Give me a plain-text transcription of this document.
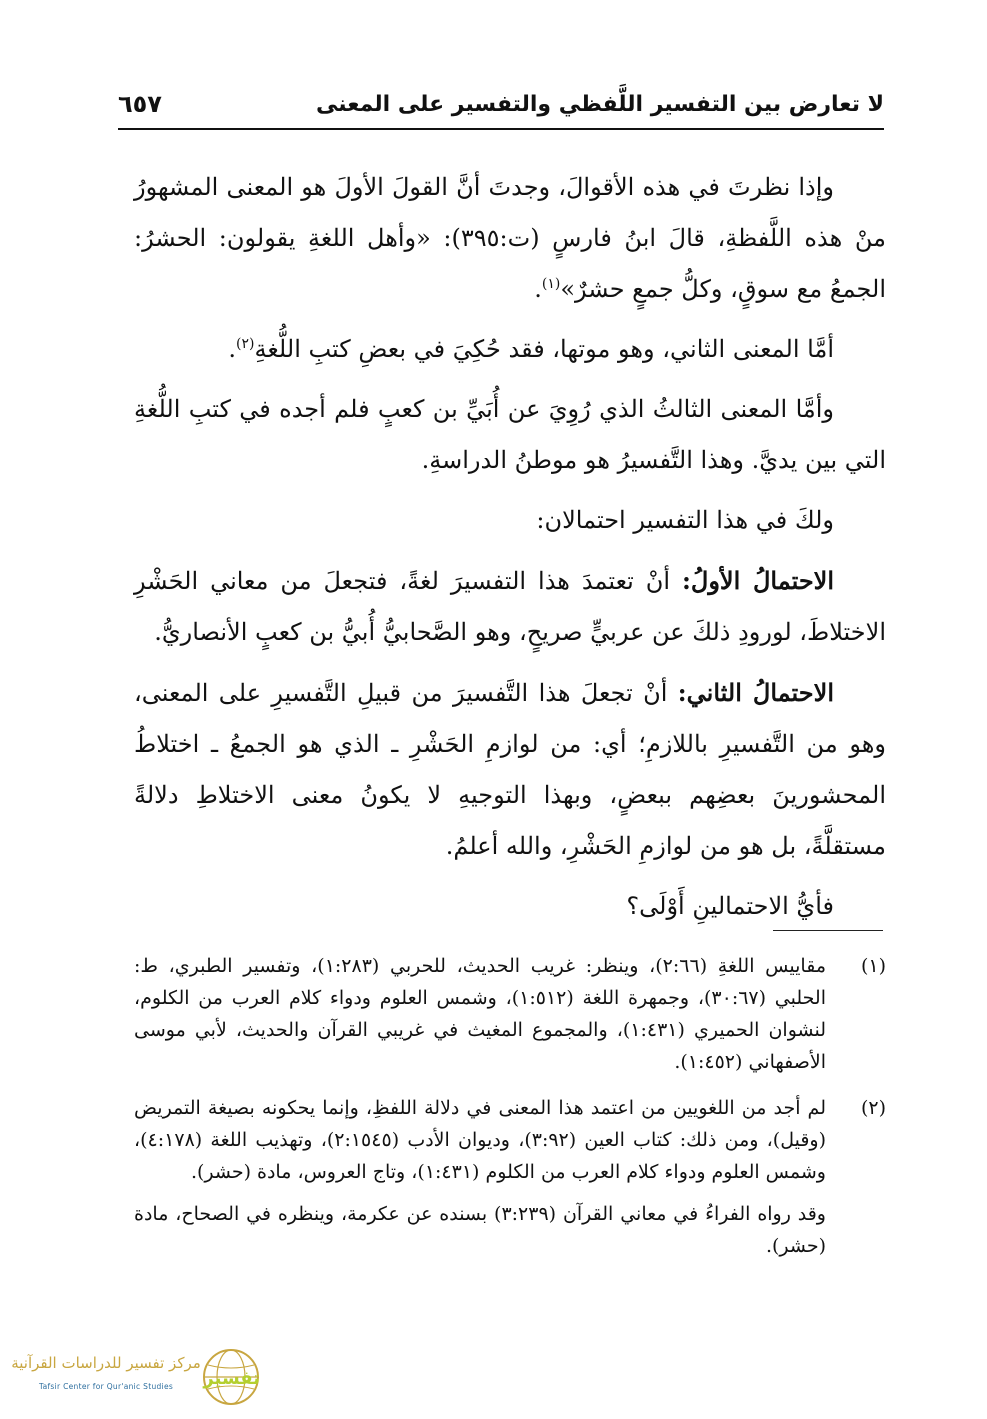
لا تعارض بين التفسير اللَّفظي والتفسير على المعنى
٦٥٧

وإذا نظرتَ في هذه الأقوالَ، وجدتَ أنَّ القولَ الأولَ هو المعنى المشهورُ منْ هذه اللَّفظةِ، قالَ ابنُ فارسٍ (ت:٣٩٥): «وأهل اللغةِ يقولون: الحشرُ: الجمعُ مع سوقٍ، وكلُّ جمعٍ حشرٌ»$^{(١)}$.

أمَّا المعنى الثاني، وهو موتها، فقد حُكِيَ في بعضِ كتبِ اللُّغةِ$^{(٢)}$.

وأمَّا المعنى الثالثُ الذي رُوِيَ عن أُبَيِّ بن كعبٍ فلم أجده في كتبِ اللُّغةِ التي بين يديَّ. وهذا التَّفسيرُ هو موطنُ الدراسةِ.

ولكَ في هذا التفسير احتمالان:

الاحتمالُ الأولُ: أنْ تعتمدَ هذا التفسيرَ لغةً، فتجعلَ من معاني الحَشْرِ الاختلاطَ، لورودِ ذلكَ عن عربيٍّ صريحٍ، وهو الصَّحابيُّ أُبيُّ بن كعبٍ الأنصاريُّ.

الاحتمالُ الثاني: أنْ تجعلَ هذا التَّفسيرَ من قبيلِ التَّفسيرِ على المعنى، وهو من التَّفسيرِ باللازمِ؛ أي: من لوازمِ الحَشْرِ ـ الذي هو الجمعُ ـ اختلاطُ المحشورينَ بعضِهم ببعضٍ، وبهذا التوجيهِ لا يكونُ معنى الاختلاطِ دلالةً مستقلَّةً، بل هو من لوازمِ الحَشْرِ، والله أعلمُ.

فأيُّ الاحتمالينِ أَوْلَى؟

(١)
مقاييس اللغةِ (٢:٦٦)، وينظر: غريب الحديث، للحربي (١:٢٨٣)، وتفسير الطبري، ط: الحلبي (٣٠:٦٧)، وجمهرة اللغة (١:٥١٢)، وشمس العلوم ودواء كلام العرب من الكلوم، لنشوان الحميري (١:٤٣١)، والمجموع المغيث في غريبي القرآن والحديث، لأبي موسى الأصفهاني (١:٤٥٢).
(٢)
لم أجد من اللغويين من اعتمد هذا المعنى في دلالة اللفظِ، وإنما يحكونه بصيغة التمريض (وقيل)، ومن ذلك: كتاب العين (٣:٩٢)، وديوان الأدب (٢:١٥٤٥)، وتهذيب اللغة (٤:١٧٨)، وشمس العلوم ودواء كلام العرب من الكلوم (١:٤٣١)، وتاج العروس، مادة (حشر).
وقد رواه الفراءُ في معاني القرآن (٣:٢٣٩) بسنده عن عكرمة، وينظره في الصحاح، مادة (حشر).
مركز تفسير للدراسات القرآنية
Tafsir Center for Qur'anic Studies	تفسير
